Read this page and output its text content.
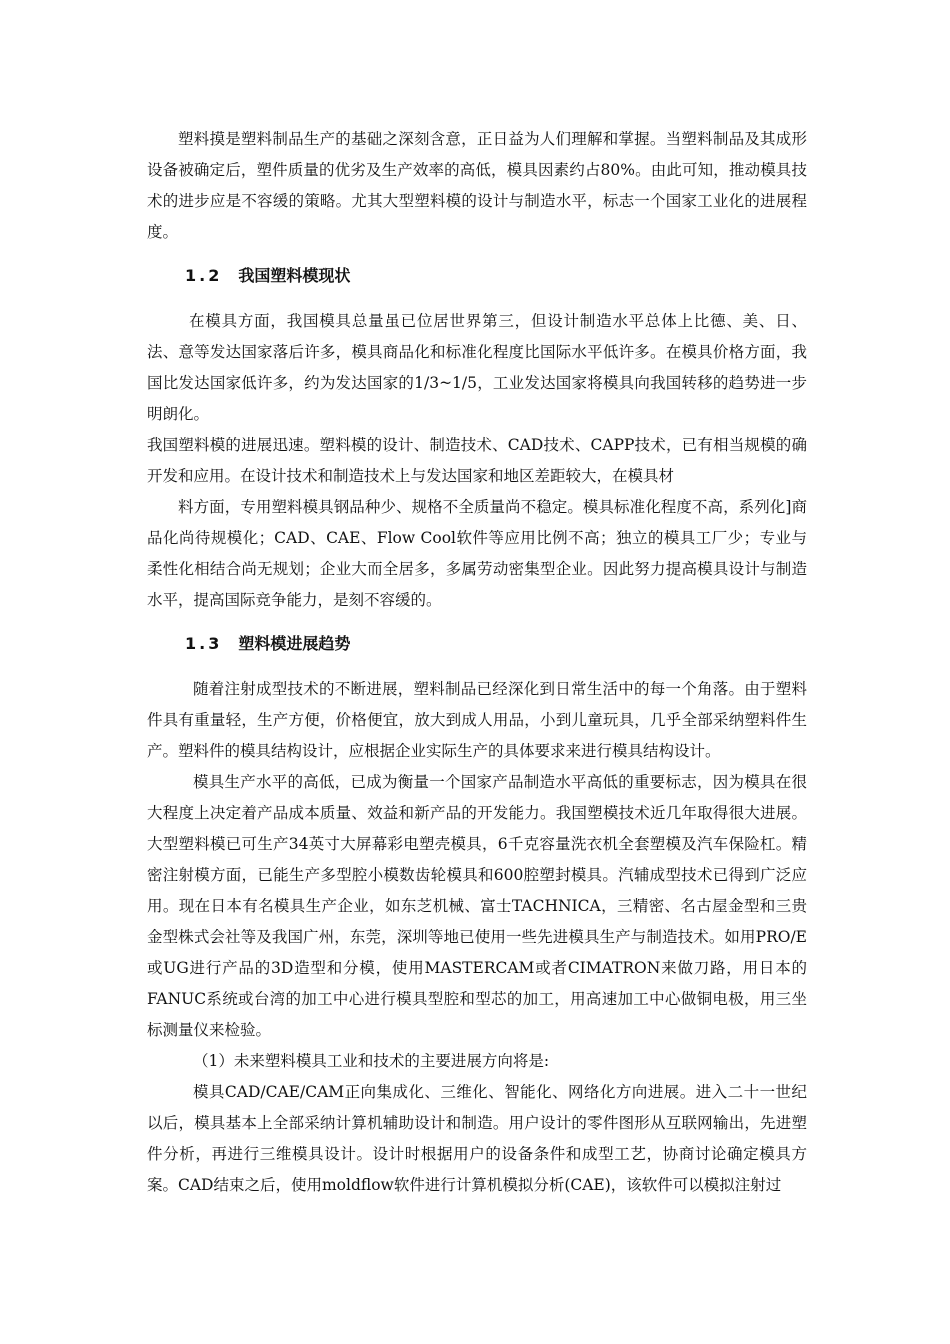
塑料摸是塑料制品生产的基础之深刻含意，正日益为人们理解和掌握。当塑料制品及其成形设备被确定后，塑件质量的优劣及生产效率的高低，模具因素约占80%。由此可知，推动模具技术的进步应是不容缓的策略。尤其大型塑料模的设计与制造水平，标志一个国家工业化的进展程度。

1.2 我国塑料模现状

在模具方面，我国模具总量虽已位居世界第三，但设计制造水平总体上比德、美、日、法、意等发达国家落后许多，模具商品化和标准化程度比国际水平低许多。在模具价格方面，我国比发达国家低许多，约为发达国家的1/3~1/5，工业发达国家将模具向我国转移的趋势进一步明朗化。

我国塑料模的进展迅速。塑料模的设计、制造技术、CAD技术、CAPP技术，已有相当规模的确开发和应用。在设计技术和制造技术上与发达国家和地区差距较大，在模具材

料方面，专用塑料模具钢品种少、规格不全质量尚不稳定。模具标准化程度不高，系列化]商品化尚待规模化；CAD、CAE、Flow Cool软件等应用比例不高；独立的模具工厂少；专业与柔性化相结合尚无规划；企业大而全居多，多属劳动密集型企业。因此努力提高模具设计与制造水平，提高国际竞争能力，是刻不容缓的。

1.3 塑料模进展趋势

随着注射成型技术的不断进展，塑料制品已经深化到日常生活中的每一个角落。由于塑料件具有重量轻，生产方便，价格便宜，放大到成人用品，小到儿童玩具，几乎全部采纳塑料件生产。塑料件的模具结构设计，应根据企业实际生产的具体要求来进行模具结构设计。

模具生产水平的高低，已成为衡量一个国家产品制造水平高低的重要标志，因为模具在很大程度上决定着产品成本质量、效益和新产品的开发能力。我国塑模技术近几年取得很大进展。大型塑料模已可生产34英寸大屏幕彩电塑壳模具，6千克容量洗衣机全套塑模及汽车保险杠。精密注射模方面，已能生产多型腔小模数齿轮模具和600腔塑封模具。汽辅成型技术已得到广泛应用。现在日本有名模具生产企业，如东芝机械、富士TACHNICA，三精密、名古屋金型和三贵金型株式会社等及我国广州，东莞，深圳等地已使用一些先进模具生产与制造技术。如用PRO/E或UG进行产品的3D造型和分模，使用MASTERCAM或者CIMATRON来做刀路，用日本的FANUC系统或台湾的加工中心进行模具型腔和型芯的加工，用高速加工中心做铜电极，用三坐标测量仪来检验。

（1）未来塑料模具工业和技术的主要进展方向将是:

模具CAD/CAE/CAM正向集成化、三维化、智能化、网络化方向进展。进入二十一世纪以后，模具基本上全部采纳计算机辅助设计和制造。用户设计的零件图形从互联网输出，先进塑件分析，再进行三维模具设计。设计时根据用户的设备条件和成型工艺，协商讨论确定模具方案。CAD结束之后，使用moldflow软件进行计算机模拟分析(CAE)，该软件可以模拟注射过
